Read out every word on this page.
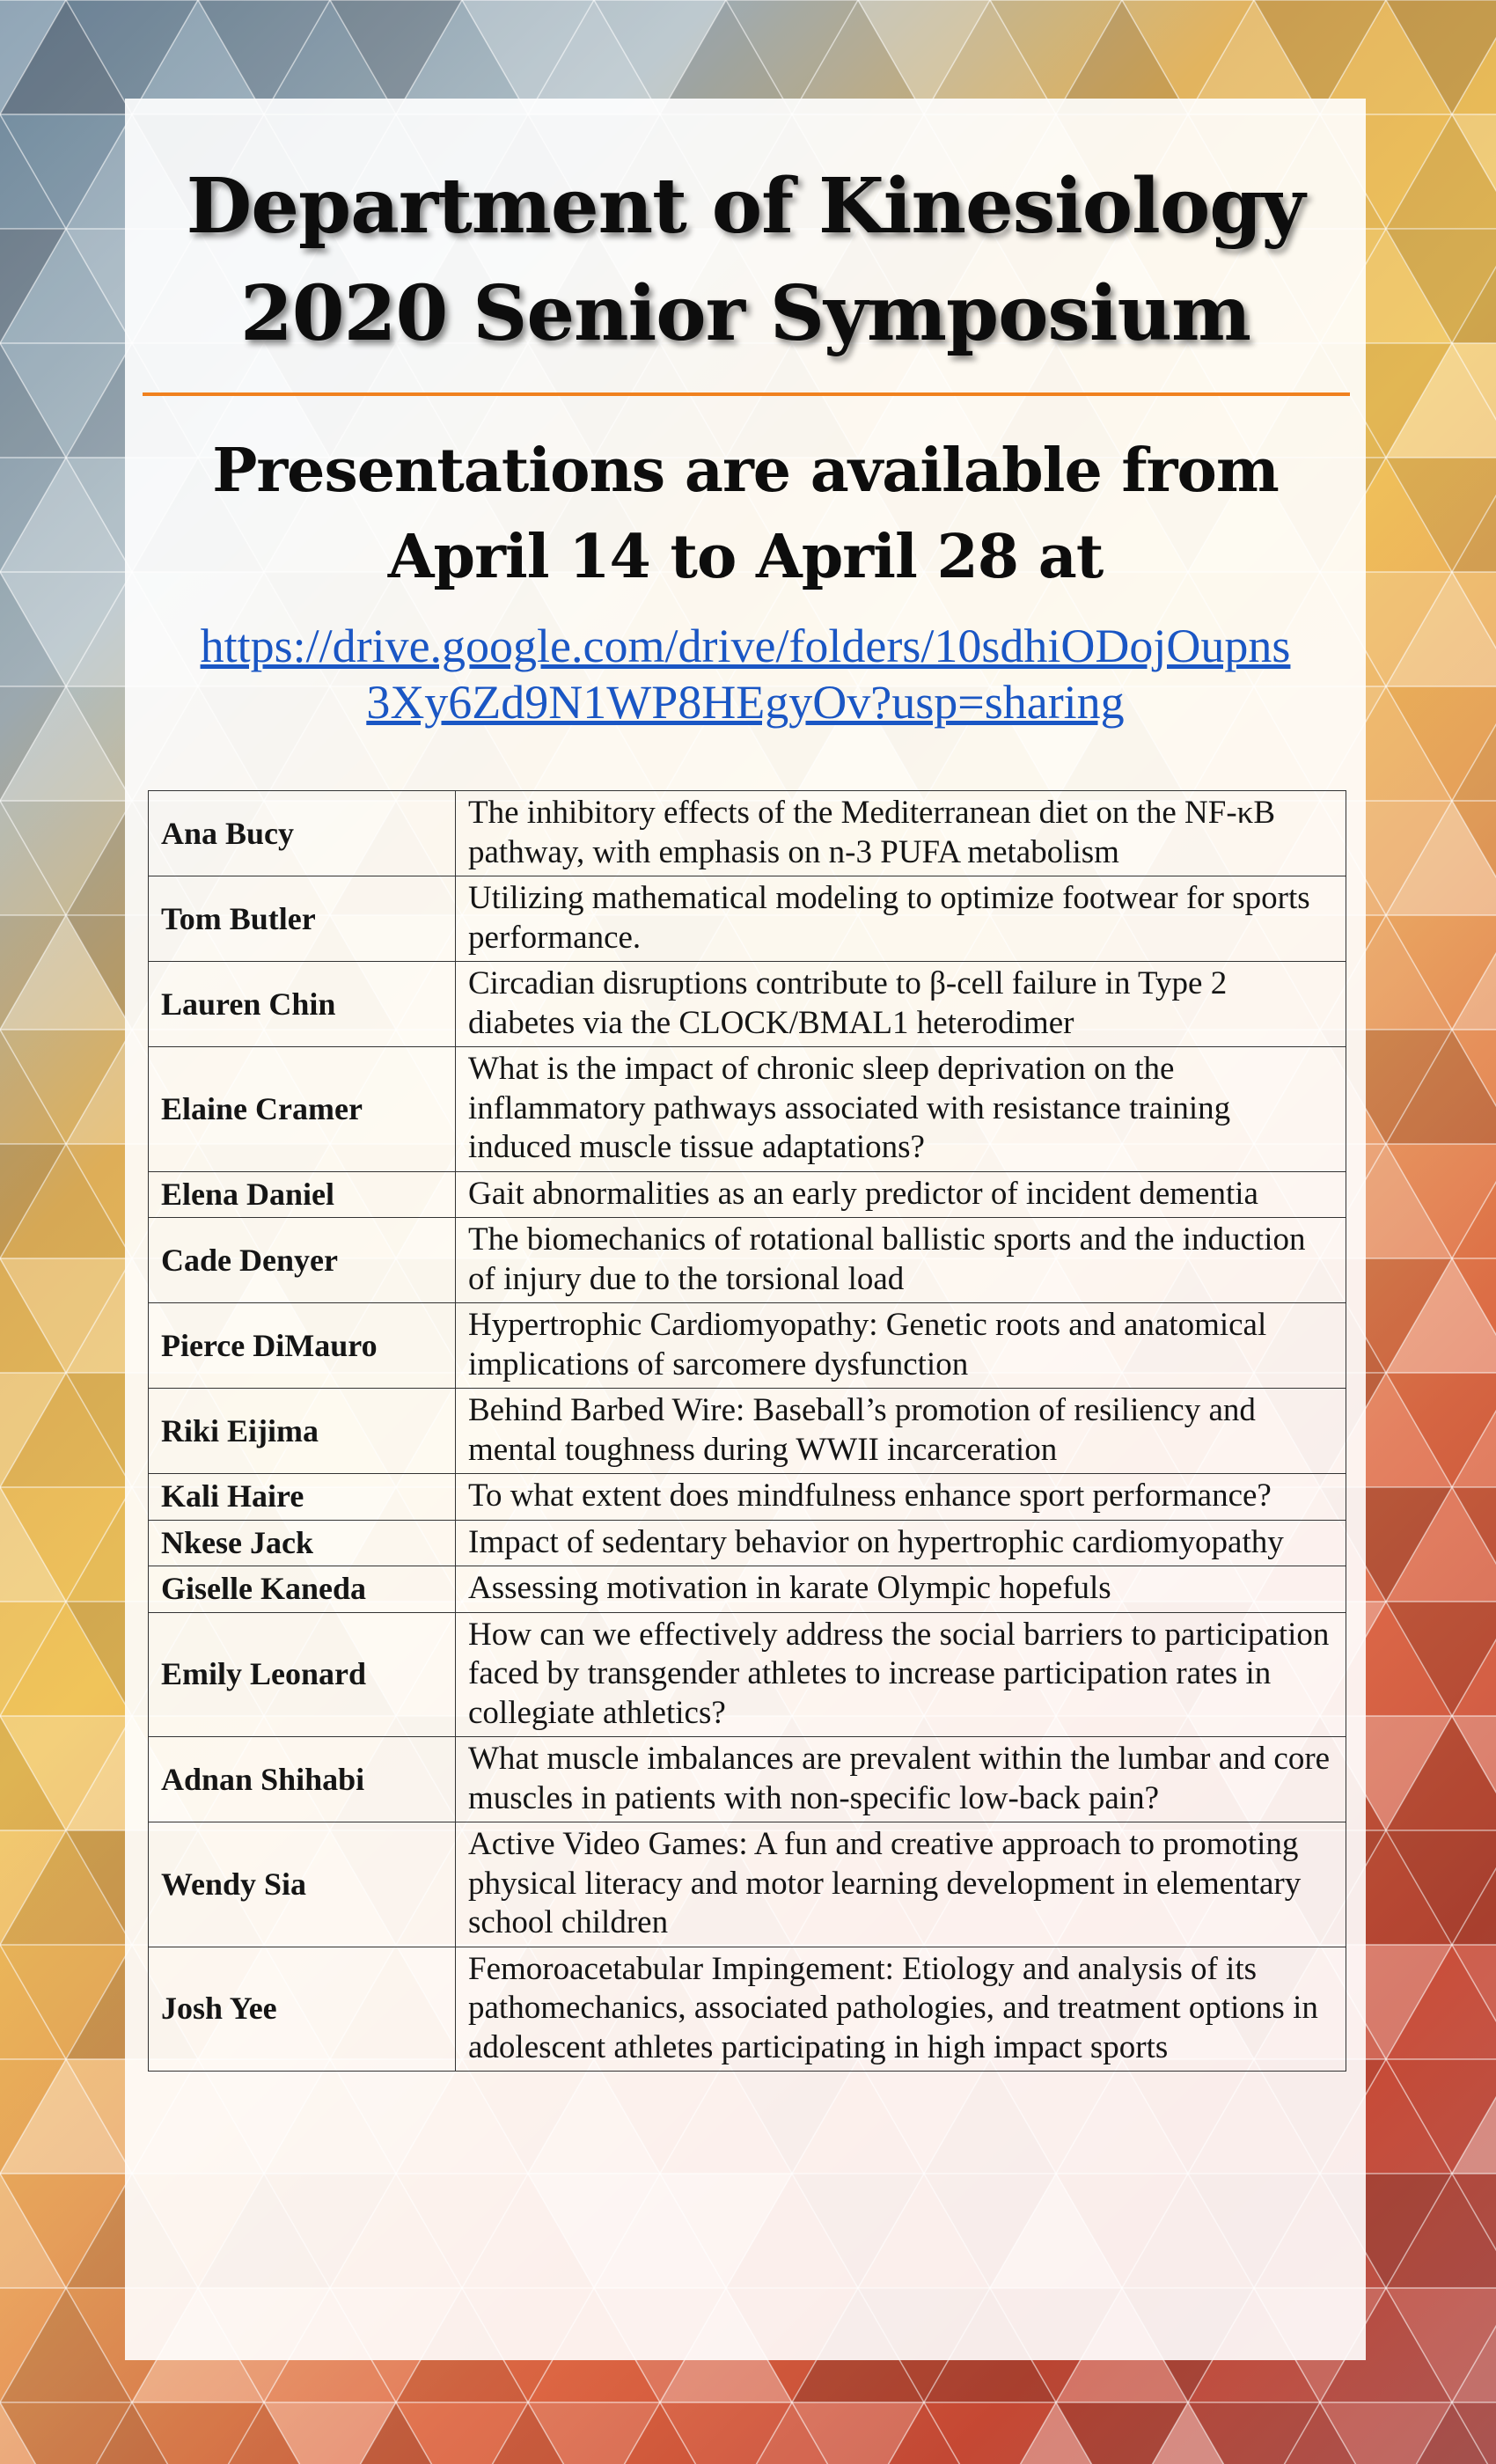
Department of Kinesiology
2020 Senior Symposium
Presentations are available from
April 14 to April 28 at
https://drive.google.com/drive/folders/10sdhiODojOupns
3Xy6Zd9N1WP8HEgyOv?usp=sharing
Ana Bucy	The inhibitory effects of the Mediterranean diet on the NF-κB pathway, with emphasis on n-3 PUFA metabolism
Tom Butler	Utilizing mathematical modeling to optimize footwear for sports performance.
Lauren Chin	Circadian disruptions contribute to β-cell failure in Type 2 diabetes via the CLOCK/BMAL1 heterodimer
Elaine Cramer	What is the impact of chronic sleep deprivation on the inflammatory pathways associated with resistance training induced muscle tissue adaptations?
Elena Daniel	Gait abnormalities as an early predictor of incident dementia
Cade Denyer	The biomechanics of rotational ballistic sports and the induction of injury due to the torsional load
Pierce DiMauro	Hypertrophic Cardiomyopathy: Genetic roots and anatomical implications of sarcomere dysfunction
Riki Eijima	Behind Barbed Wire: Baseball’s promotion of resiliency and mental toughness during WWII incarceration
Kali Haire	To what extent does mindfulness enhance sport performance?
Nkese Jack	Impact of sedentary behavior on hypertrophic cardiomyopathy
Giselle Kaneda	Assessing motivation in karate Olympic hopefuls
Emily Leonard	How can we effectively address the social barriers to participation faced by transgender athletes to increase participation rates in collegiate athletics?
Adnan Shihabi	What muscle imbalances are prevalent within the lumbar and core muscles in patients with non-specific low-back pain?
Wendy Sia	Active Video Games: A fun and creative approach to promoting physical literacy and motor learning development in elementary school children
Josh Yee	Femoroacetabular Impingement: Etiology and analysis of its pathomechanics, associated pathologies, and treatment options in adolescent athletes participating in high impact sports
